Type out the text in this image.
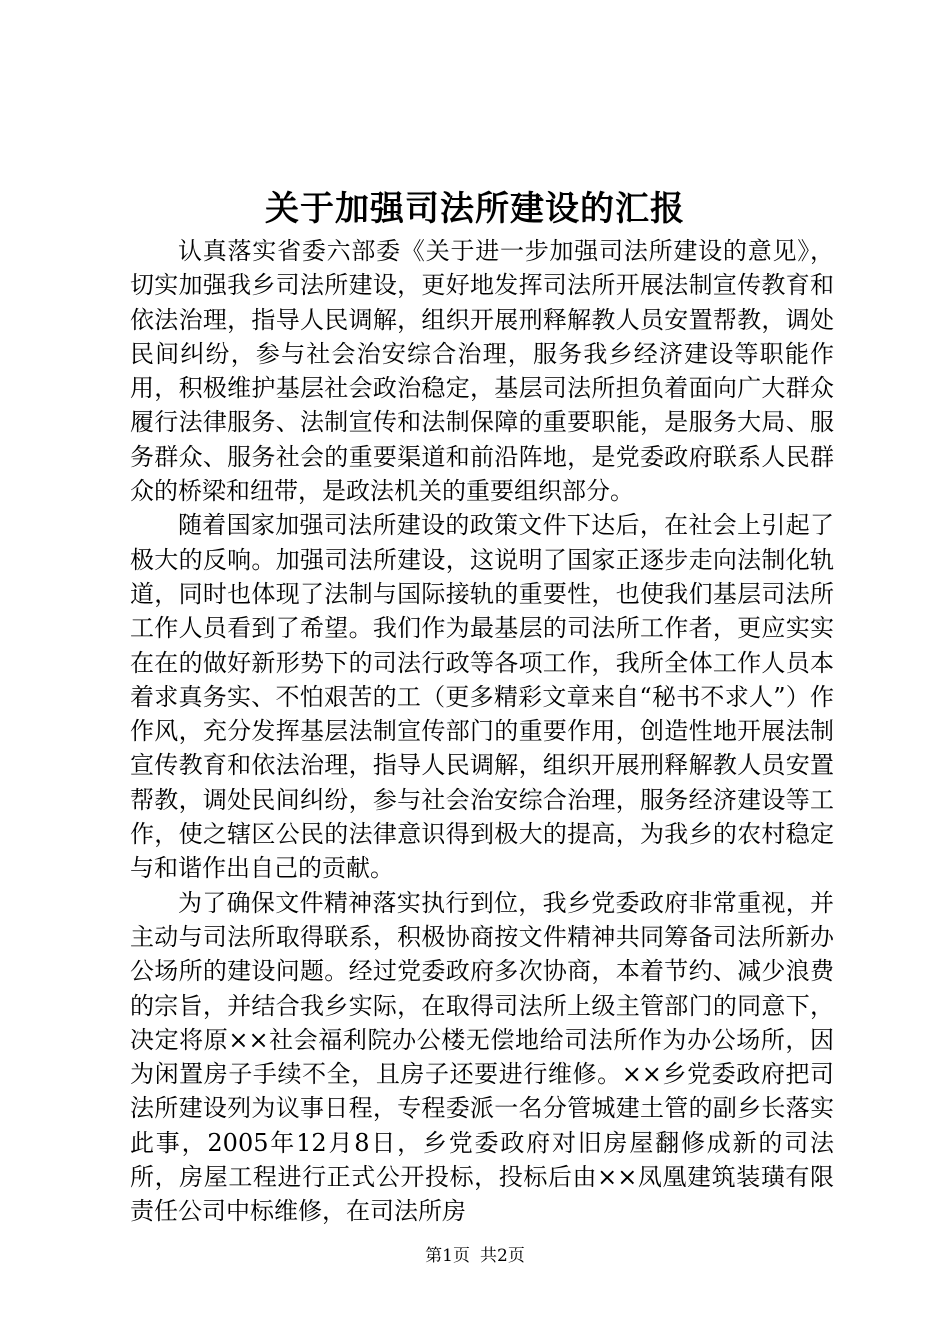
关于加强司法所建设的汇报

认真落实省委六部委《关于进一步加强司法所建设的意见》，切实加强我乡司法所建设，更好地发挥司法所开展法制宣传教育和依法治理，指导人民调解，组织开展刑释解教人员安置帮教，调处民间纠纷，参与社会治安综合治理，服务我乡经济建设等职能作用，积极维护基层社会政治稳定，基层司法所担负着面向广大群众履行法律服务、法制宣传和法制保障的重要职能，是服务大局、服务群众、服务社会的重要渠道和前沿阵地，是党委政府联系人民群众的桥梁和纽带，是政法机关的重要组织部分。

随着国家加强司法所建设的政策文件下达后，在社会上引起了极大的反响。加强司法所建设，这说明了国家正逐步走向法制化轨道，同时也体现了法制与国际接轨的重要性，也使我们基层司法所工作人员看到了希望。我们作为最基层的司法所工作者，更应实实在在的做好新形势下的司法行政等各项工作，我所全体工作人员本着求真务实、不怕艰苦的工（更多精彩文章来自“秘书不求人”）作作风，充分发挥基层法制宣传部门的重要作用，创造性地开展法制宣传教育和依法治理，指导人民调解，组织开展刑释解教人员安置帮教，调处民间纠纷，参与社会治安综合治理，服务经济建设等工作，使之辖区公民的法律意识得到极大的提高，为我乡的农村稳定与和谐作出自己的贡献。

为了确保文件精神落实执行到位，我乡党委政府非常重视，并主动与司法所取得联系，积极协商按文件精神共同筹备司法所新办公场所的建设问题。经过党委政府多次协商，本着节约、减少浪费的宗旨，并结合我乡实际，在取得司法所上级主管部门的同意下，决定将原××社会福利院办公楼无偿地给司法所作为办公场所，因为闲置房子手续不全，且房子还要进行维修。××乡党委政府把司法所建设列为议事日程，专程委派一名分管城建土管的副乡长落实此事，2005年12月8日，乡党委政府对旧房屋翻修成新的司法所，房屋工程进行正式公开投标，投标后由××凤凰建筑装璜有限责任公司中标维修，在司法所房

第1页 共2页
